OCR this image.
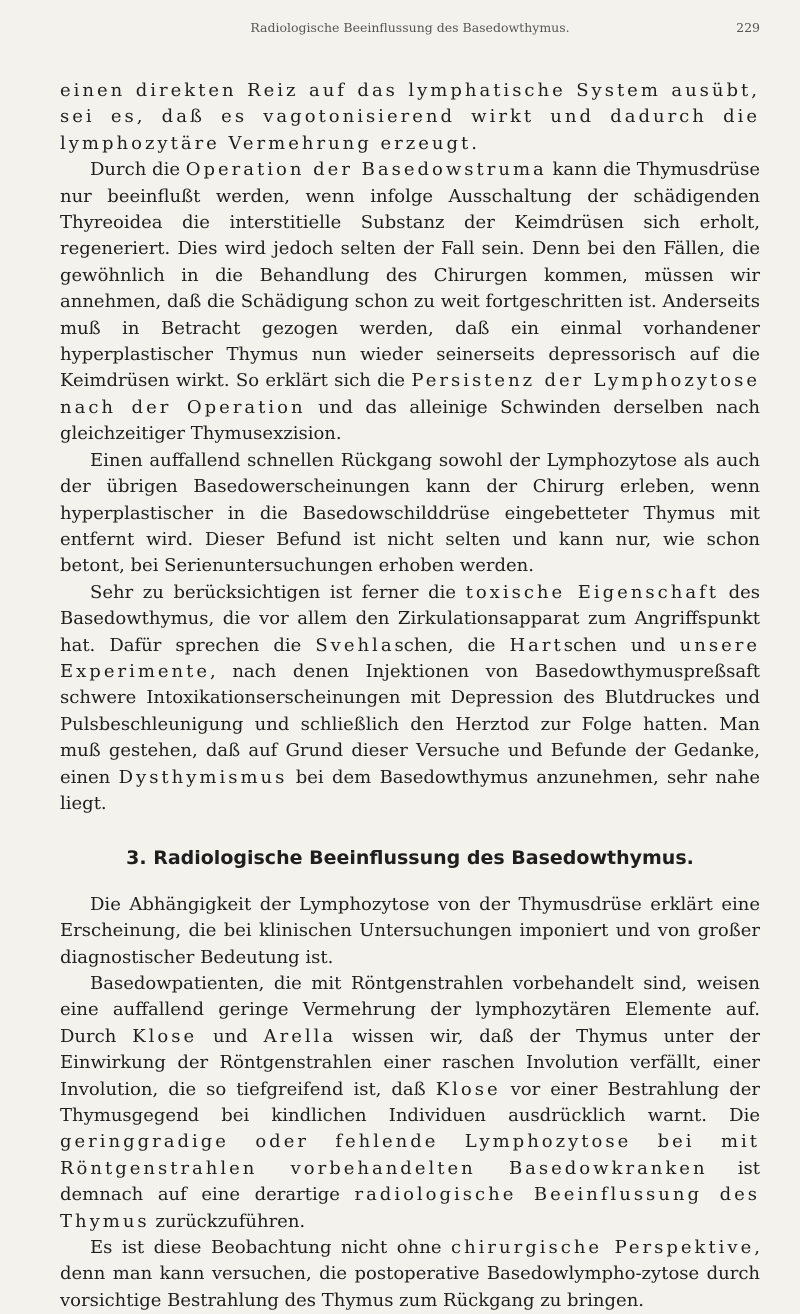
Radiologische Beeinflussung des Basedowthymus.	229

einen direkten Reiz auf das lymphatische System ausübt, sei es, daß es vagotonisierend wirkt und dadurch die lymphozytäre Vermehrung erzeugt.

Durch die Operation der Basedowstruma kann die Thymusdrüse nur beeinflußt werden, wenn infolge Ausschaltung der schädigenden Thyreoidea die interstitielle Substanz der Keimdrüsen sich erholt, regeneriert. Dies wird jedoch selten der Fall sein. Denn bei den Fällen, die gewöhnlich in die Behandlung des Chirurgen kommen, müssen wir annehmen, daß die Schädigung schon zu weit fortgeschritten ist. Anderseits muß in Betracht gezogen werden, daß ein einmal vorhandener hyperplastischer Thymus nun wieder seinerseits depressorisch auf die Keimdrüsen wirkt. So erklärt sich die Persistenz der Lymphozytose nach der Operation und das alleinige Schwinden derselben nach gleichzeitiger Thymusexzision.

Einen auffallend schnellen Rückgang sowohl der Lymphozytose als auch der übrigen Basedowerscheinungen kann der Chirurg erleben, wenn hyperplastischer in die Basedowschilddrüse eingebetteter Thymus mit entfernt wird. Dieser Befund ist nicht selten und kann nur, wie schon betont, bei Serienuntersuchungen erhoben werden.

Sehr zu berücksichtigen ist ferner die toxische Eigenschaft des Basedowthymus, die vor allem den Zirkulationsapparat zum Angriffspunkt hat. Dafür sprechen die Svehlaschen, die Hartschen und unsere Experimente, nach denen Injektionen von Basedowthymuspreßsaft schwere Intoxikationserscheinungen mit Depression des Blutdruckes und Pulsbeschleunigung und schließlich den Herztod zur Folge hatten. Man muß gestehen, daß auf Grund dieser Versuche und Befunde der Gedanke, einen Dysthymismus bei dem Basedowthymus anzunehmen, sehr nahe liegt.

3. Radiologische Beeinflussung des Basedowthymus.

Die Abhängigkeit der Lymphozytose von der Thymusdrüse erklärt eine Erscheinung, die bei klinischen Untersuchungen imponiert und von großer diagnostischer Bedeutung ist.

Basedowpatienten, die mit Röntgenstrahlen vorbehandelt sind, weisen eine auffallend geringe Vermehrung der lymphozytären Elemente auf. Durch Klose und Arella wissen wir, daß der Thymus unter der Einwirkung der Röntgenstrahlen einer raschen Involution verfällt, einer Involution, die so tiefgreifend ist, daß Klose vor einer Bestrahlung der Thymusgegend bei kindlichen Individuen ausdrücklich warnt. Die geringgradige oder fehlende Lymphozytose bei mit Röntgenstrahlen vorbehandelten Basedowkranken ist demnach auf eine derartige radiologische Beeinflussung des Thymus zurückzuführen.

Es ist diese Beobachtung nicht ohne chirurgische Perspektive, denn man kann versuchen, die postoperative Basedowlympho-zytose durch vorsichtige Bestrahlung des Thymus zum Rückgang zu bringen.
